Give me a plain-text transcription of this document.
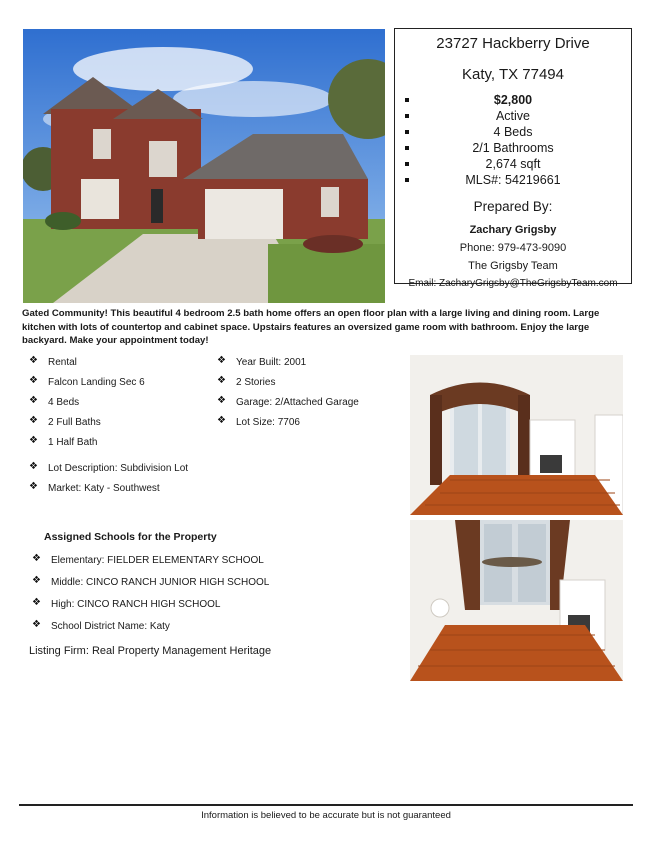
23727 Hackberry Drive
Katy, TX 77494
$2,800
Active
4 Beds
2/1 Bathrooms
2,674 sqft
MLS#: 54219661
Prepared By:
Zachary Grigsby
Phone: 979-473-9090
The Grigsby Team
Email: ZacharyGrigsby@TheGrigsbyTeam.com
Gated Community! This beautiful 4 bedroom 2.5 bath home offers an open floor plan with a large living and dining room. Large kitchen with lots of countertop and cabinet space. Upstairs features an oversized game room with bathroom. Enjoy the large backyard. Make your appointment today!
❖Rental
❖Falcon Landing Sec 6
❖4 Beds
❖2 Full Baths
❖1 Half Bath
❖Lot Description: Subdivision Lot
❖Market: Katy - Southwest
❖Year Built: 2001
❖2 Stories
❖Garage: 2/Attached Garage
❖Lot Size: 7706
Assigned Schools for the Property
❖Elementary: FIELDER ELEMENTARY SCHOOL
❖Middle: CINCO RANCH JUNIOR HIGH SCHOOL
❖High: CINCO RANCH HIGH SCHOOL
❖School District Name: Katy
Listing Firm: Real Property Management Heritage
Information is believed to be accurate but is not guaranteed
